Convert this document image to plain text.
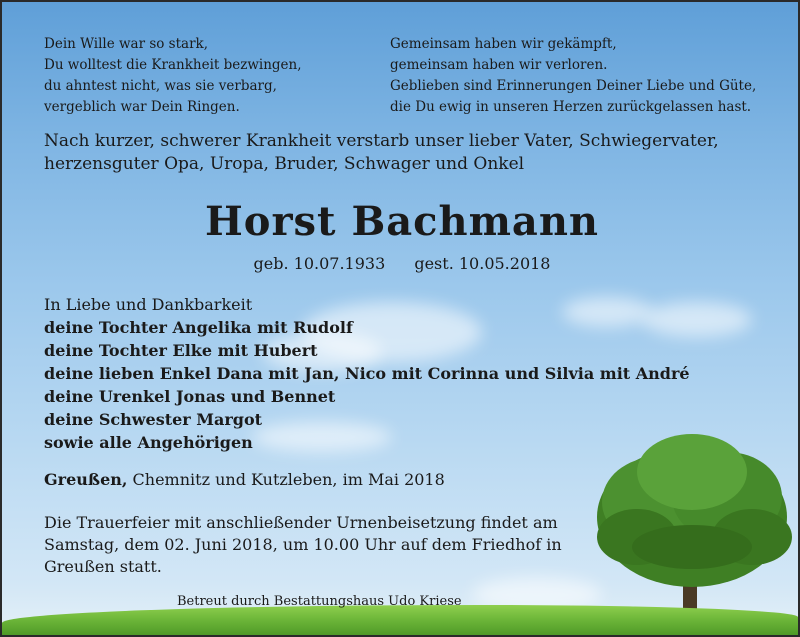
Dein Wille war so stark,
Du wolltest die Krankheit bezwingen,
du ahntest nicht, was sie verbarg,
vergeblich war Dein Ringen.
Gemeinsam haben wir gekämpft,
gemeinsam haben wir verloren.
Geblieben sind Erinnerungen Deiner Liebe und Güte,
die Du ewig in unseren Herzen zurückgelassen hast.
Nach kurzer, schwerer Krankheit verstarb unser lieber Vater, Schwiegervater, herzensguter Opa, Uropa, Bruder, Schwager und Onkel
Horst Bachmann
geb. 10.07.1933 gest. 10.05.2018
In Liebe und Dankbarkeit
deine Tochter Angelika mit Rudolf
deine Tochter Elke mit Hubert
deine lieben Enkel Dana mit Jan, Nico mit Corinna und Silvia mit André
deine Urenkel Jonas und Bennet
deine Schwester Margot
sowie alle Angehörigen
Greußen, Chemnitz und Kutzleben, im Mai 2018
Die Trauerfeier mit anschließender Urnenbeisetzung findet am Samstag, dem 02. Juni 2018, um 10.00 Uhr auf dem Friedhof in Greußen statt.
Betreut durch Bestattungshaus Udo Kriese
